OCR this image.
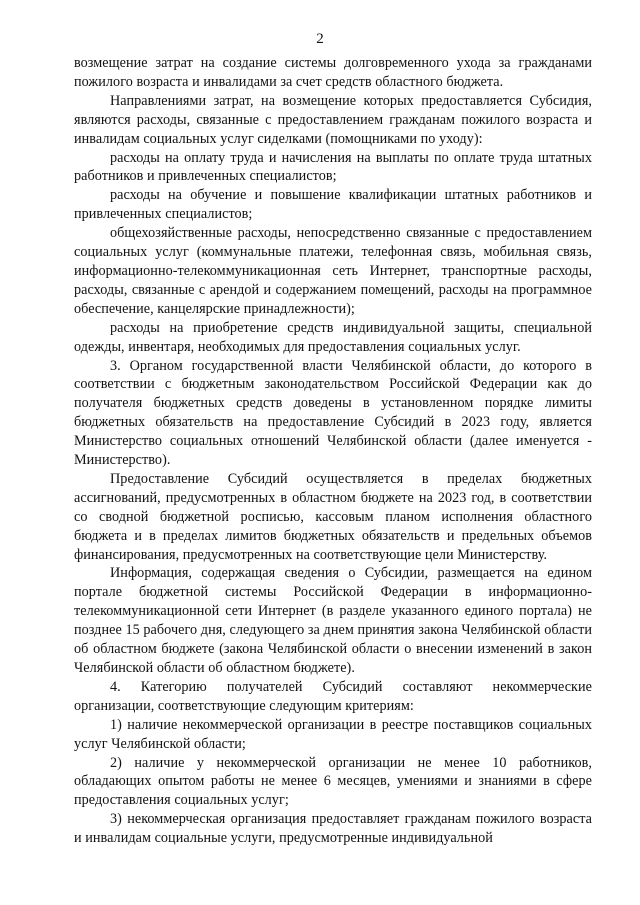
2

возмещение затрат на создание системы долговременного ухода за гражданами пожилого возраста и инвалидами за счет средств областного бюджета.

Направлениями затрат, на возмещение которых предоставляется Субсидия, являются расходы, связанные с предоставлением гражданам пожилого возраста и инвалидам социальных услуг сиделками (помощниками по уходу):

расходы на оплату труда и начисления на выплаты по оплате труда штатных работников и привлеченных специалистов;

расходы на обучение и повышение квалификации штатных работников и привлеченных специалистов;

общехозяйственные расходы, непосредственно связанные с предоставлением социальных услуг (коммунальные платежи, телефонная связь, мобильная связь, информационно-телекоммуникационная сеть Интернет, транспортные расходы, расходы, связанные с арендой и содержанием помещений, расходы на программное обеспечение, канцелярские принадлежности);

расходы на приобретение средств индивидуальной защиты, специальной одежды, инвентаря, необходимых для предоставления социальных услуг.

3. Органом государственной власти Челябинской области, до которого в соответствии с бюджетным законодательством Российской Федерации как до получателя бюджетных средств доведены в установленном порядке лимиты бюджетных обязательств на предоставление Субсидий в 2023 году, является Министерство социальных отношений Челябинской области (далее именуется - Министерство).

Предоставление Субсидий осуществляется в пределах бюджетных ассигнований, предусмотренных в областном бюджете на 2023 год, в соответствии со сводной бюджетной росписью, кассовым планом исполнения областного бюджета и в пределах лимитов бюджетных обязательств и предельных объемов финансирования, предусмотренных на соответствующие цели Министерству.

Информация, содержащая сведения о Субсидии, размещается на едином портале бюджетной системы Российской Федерации в информационно-телекоммуникационной сети Интернет (в разделе указанного единого портала) не позднее 15 рабочего дня, следующего за днем принятия закона Челябинской области об областном бюджете (закона Челябинской области о внесении изменений в закон Челябинской области об областном бюджете).

4. Категорию получателей Субсидий составляют некоммерческие организации, соответствующие следующим критериям:

1) наличие некоммерческой организации в реестре поставщиков социальных услуг Челябинской области;

2) наличие у некоммерческой организации не менее 10 работников, обладающих опытом работы не менее 6 месяцев, умениями и знаниями в сфере предоставления социальных услуг;

3) некоммерческая организация предоставляет гражданам пожилого возраста и инвалидам социальные услуги, предусмотренные индивидуальной
